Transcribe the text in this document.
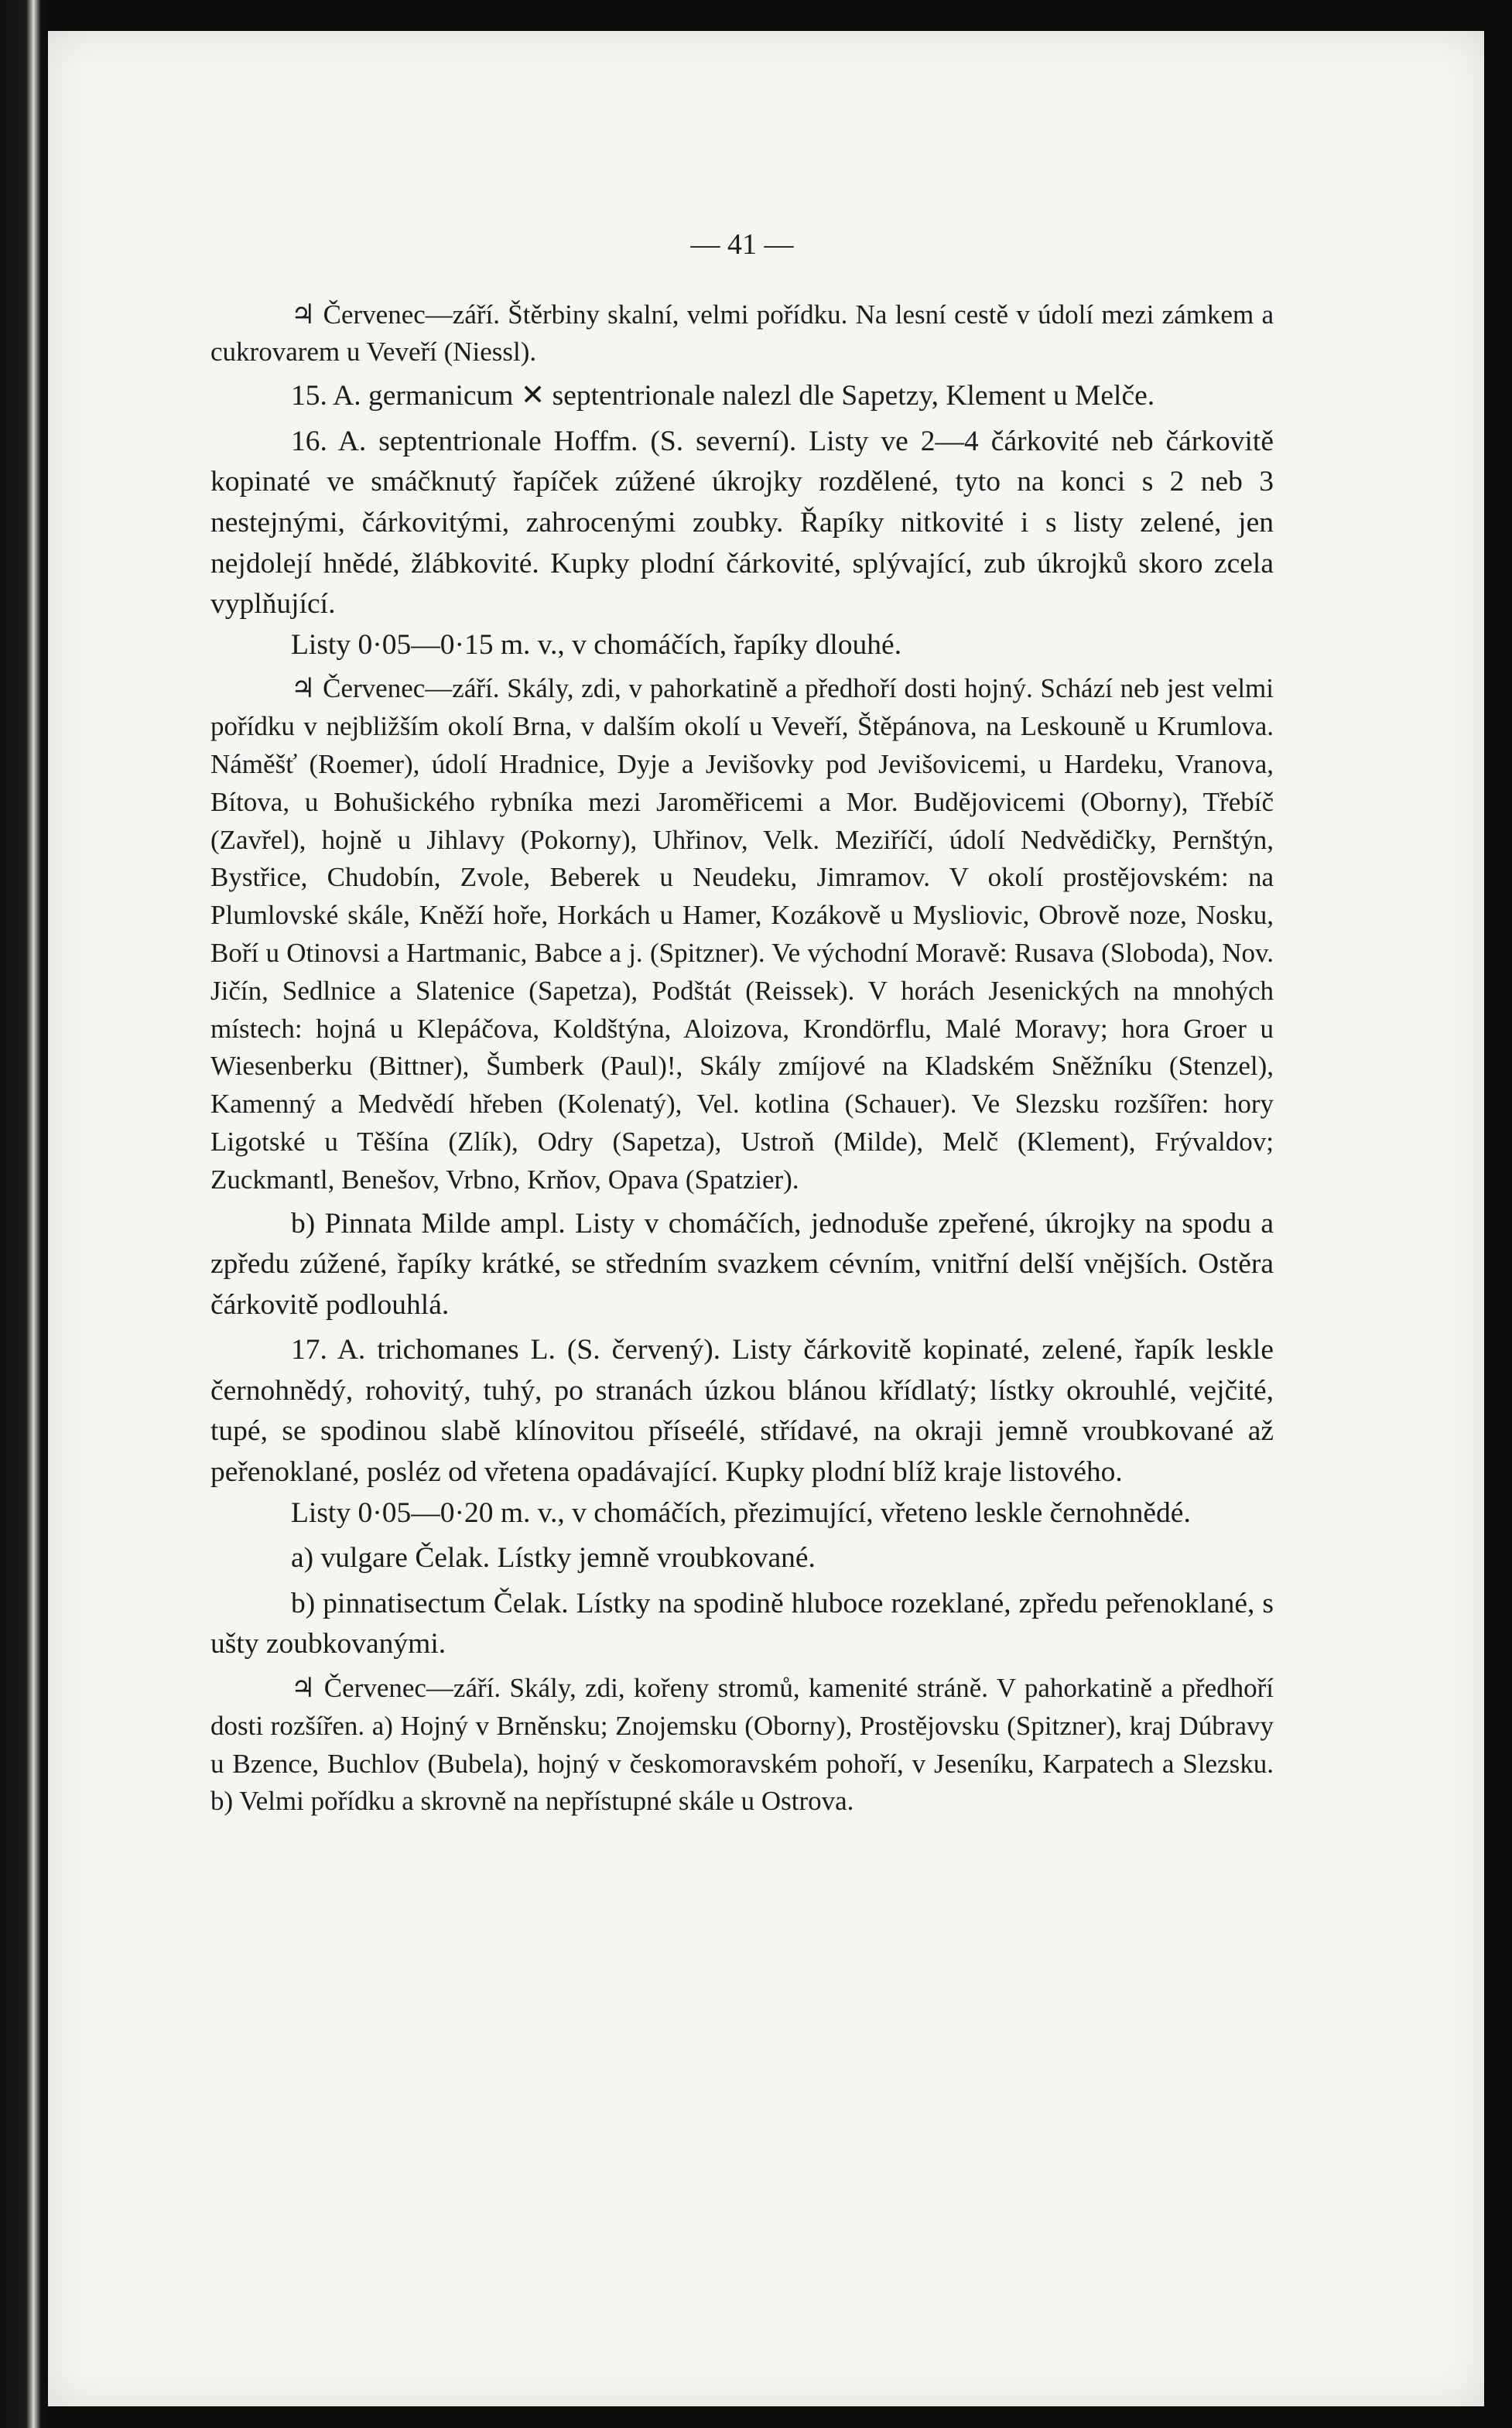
— 41 —

♃ Červenec—září. Štěrbiny skalní, velmi pořídku. Na lesní cestě v údolí mezi zámkem a cukrovarem u Veveří (Niessl).

15. A. germanicum ✕ septentrionale nalezl dle Sapetzy, Klement u Melče.

16. A. septentrionale Hoffm. (S. severní). Listy ve 2—4 čárkovité neb čárkovitě kopinaté ve smáčknutý řapíček zúžené úkrojky rozdělené, tyto na konci s 2 neb 3 nestejnými, čárkovitými, zahrocenými zoubky. Řapíky nitkovité i s listy zelené, jen nejdolejí hnědé, žlábkovité. Kupky plodní čárkovité, splývající, zub úkrojků skoro zcela vyplňující.

Listy 0·05—0·15 m. v., v chomáčích, řapíky dlouhé.

♃ Červenec—září. Skály, zdi, v pahorkatině a předhoří dosti hojný. Schází neb jest velmi pořídku v nejbližším okolí Brna, v dalším okolí u Veveří, Štěpánova, na Leskouně u Krumlova. Náměšť (Roemer), údolí Hradnice, Dyje a Jevišovky pod Jevišovicemi, u Hardeku, Vranova, Bítova, u Bohušického rybníka mezi Jaroměřicemi a Mor. Budějovicemi (Oborny), Třebíč (Zavřel), hojně u Jihlavy (Pokorny), Uhřinov, Velk. Meziříčí, údolí Nedvědičky, Pernštýn, Bystřice, Chudobín, Zvole, Beberek u Neudeku, Jimramov. V okolí prostějovském: na Plumlovské skále, Kněží hoře, Horkách u Hamer, Kozákově u Mysliovic, Obrově noze, Nosku, Boří u Otinovsi a Hartmanic, Babce a j. (Spitzner). Ve východní Moravě: Rusava (Sloboda), Nov. Jičín, Sedlnice a Slatenice (Sapetza), Podštát (Reissek). V horách Jesenických na mnohých místech: hojná u Klepáčova, Koldštýna, Aloizova, Krondörflu, Malé Moravy; hora Groer u Wiesenberku (Bittner), Šumberk (Paul)!, Skály zmíjové na Kladském Sněžníku (Stenzel), Kamenný a Medvědí hřeben (Kolenatý), Vel. kotlina (Schauer). Ve Slezsku rozšířen: hory Ligotské u Těšína (Zlík), Odry (Sapetza), Ustroň (Milde), Melč (Klement), Frývaldov; Zuckmantl, Benešov, Vrbno, Krňov, Opava (Spatzier).

b) Pinnata Milde ampl. Listy v chomáčích, jednoduše zpeřené, úkrojky na spodu a zpředu zúžené, řapíky krátké, se středním svazkem cévním, vnitřní delší vnějších. Ostěra čárkovitě podlouhlá.

17. A. trichomanes L. (S. červený). Listy čárkovitě kopinaté, zelené, řapík leskle černohnědý, rohovitý, tuhý, po stranách úzkou blánou křídlatý; lístky okrouhlé, vejčité, tupé, se spodinou slabě klínovitou příseélé, střídavé, na okraji jemně vroubkované až peřenoklané, posléz od vřetena opadávající. Kupky plodní blíž kraje listového.

Listy 0·05—0·20 m. v., v chomáčích, přezimující, vřeteno leskle černohnědé.

a) vulgare Čelak. Lístky jemně vroubkované.

b) pinnatisectum Čelak. Lístky na spodině hluboce rozeklané, zpředu peřenoklané, s ušty zoubkovanými.

♃ Červenec—září. Skály, zdi, kořeny stromů, kamenité stráně. V pahorkatině a předhoří dosti rozšířen. a) Hojný v Brněnsku; Znojemsku (Oborny), Prostějovsku (Spitzner), kraj Dúbravy u Bzence, Buchlov (Bubela), hojný v českomoravském pohoří, v Jeseníku, Karpatech a Slezsku. b) Velmi pořídku a skrovně na nepřístupné skále u Ostrova.
